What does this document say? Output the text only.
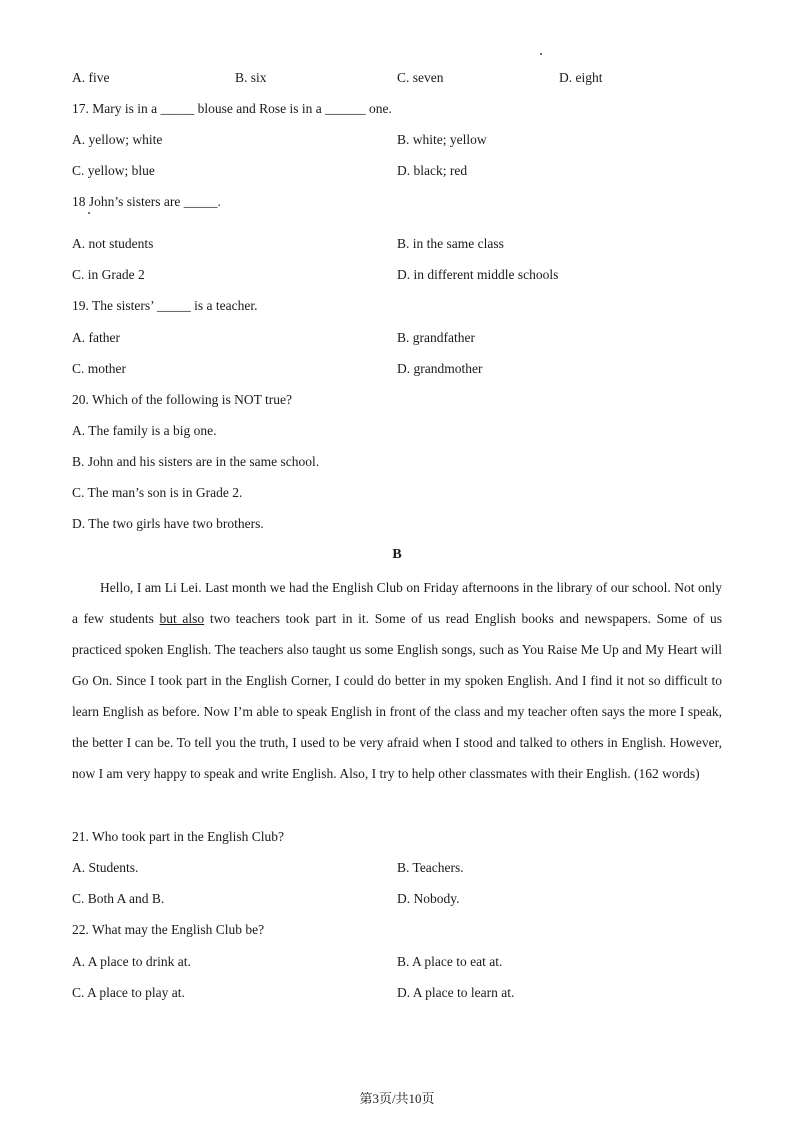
A. five	B. six	C. seven	D. eight
17. Mary is in a _____ blouse and Rose is in a ______ one.
A. yellow; white	B. white; yellow
C. yellow; blue	D. black; red
18 John’s sisters are _____.
A. not students	B. in the same class
C. in Grade 2	D. in different middle schools
19. The sisters’ _____ is a teacher.
A. father	B. grandfather
C. mother	D. grandmother
20. Which of the following is NOT true?
A. The family is a big one.
B. John and his sisters are in the same school.
C. The man’s son is in Grade 2.
D. The two girls have two brothers.
B
Hello, I am Li Lei. Last month we had the English Club on Friday afternoons in the library of our school. Not only a few students but also two teachers took part in it. Some of us read English books and newspapers. Some of us practiced spoken English. The teachers also taught us some English songs, such as You Raise Me Up and My Heart will Go On. Since I took part in the English Corner, I could do better in my spoken English. And I find it not so difficult to learn English as before. Now I’m able to speak English in front of the class and my teacher often says the more I speak, the better I can be. To tell you the truth, I used to be very afraid when I stood and talked to others in English. However, now I am very happy to speak and write English. Also, I try to help other classmates with their English. (162 words)
21. Who took part in the English Club?
A. Students.	B. Teachers.
C. Both A and B.	D. Nobody.
22. What may the English Club be?
A. A place to drink at.	B. A place to eat at.
C. A place to play at.	D. A place to learn at.
第3页/共10页
